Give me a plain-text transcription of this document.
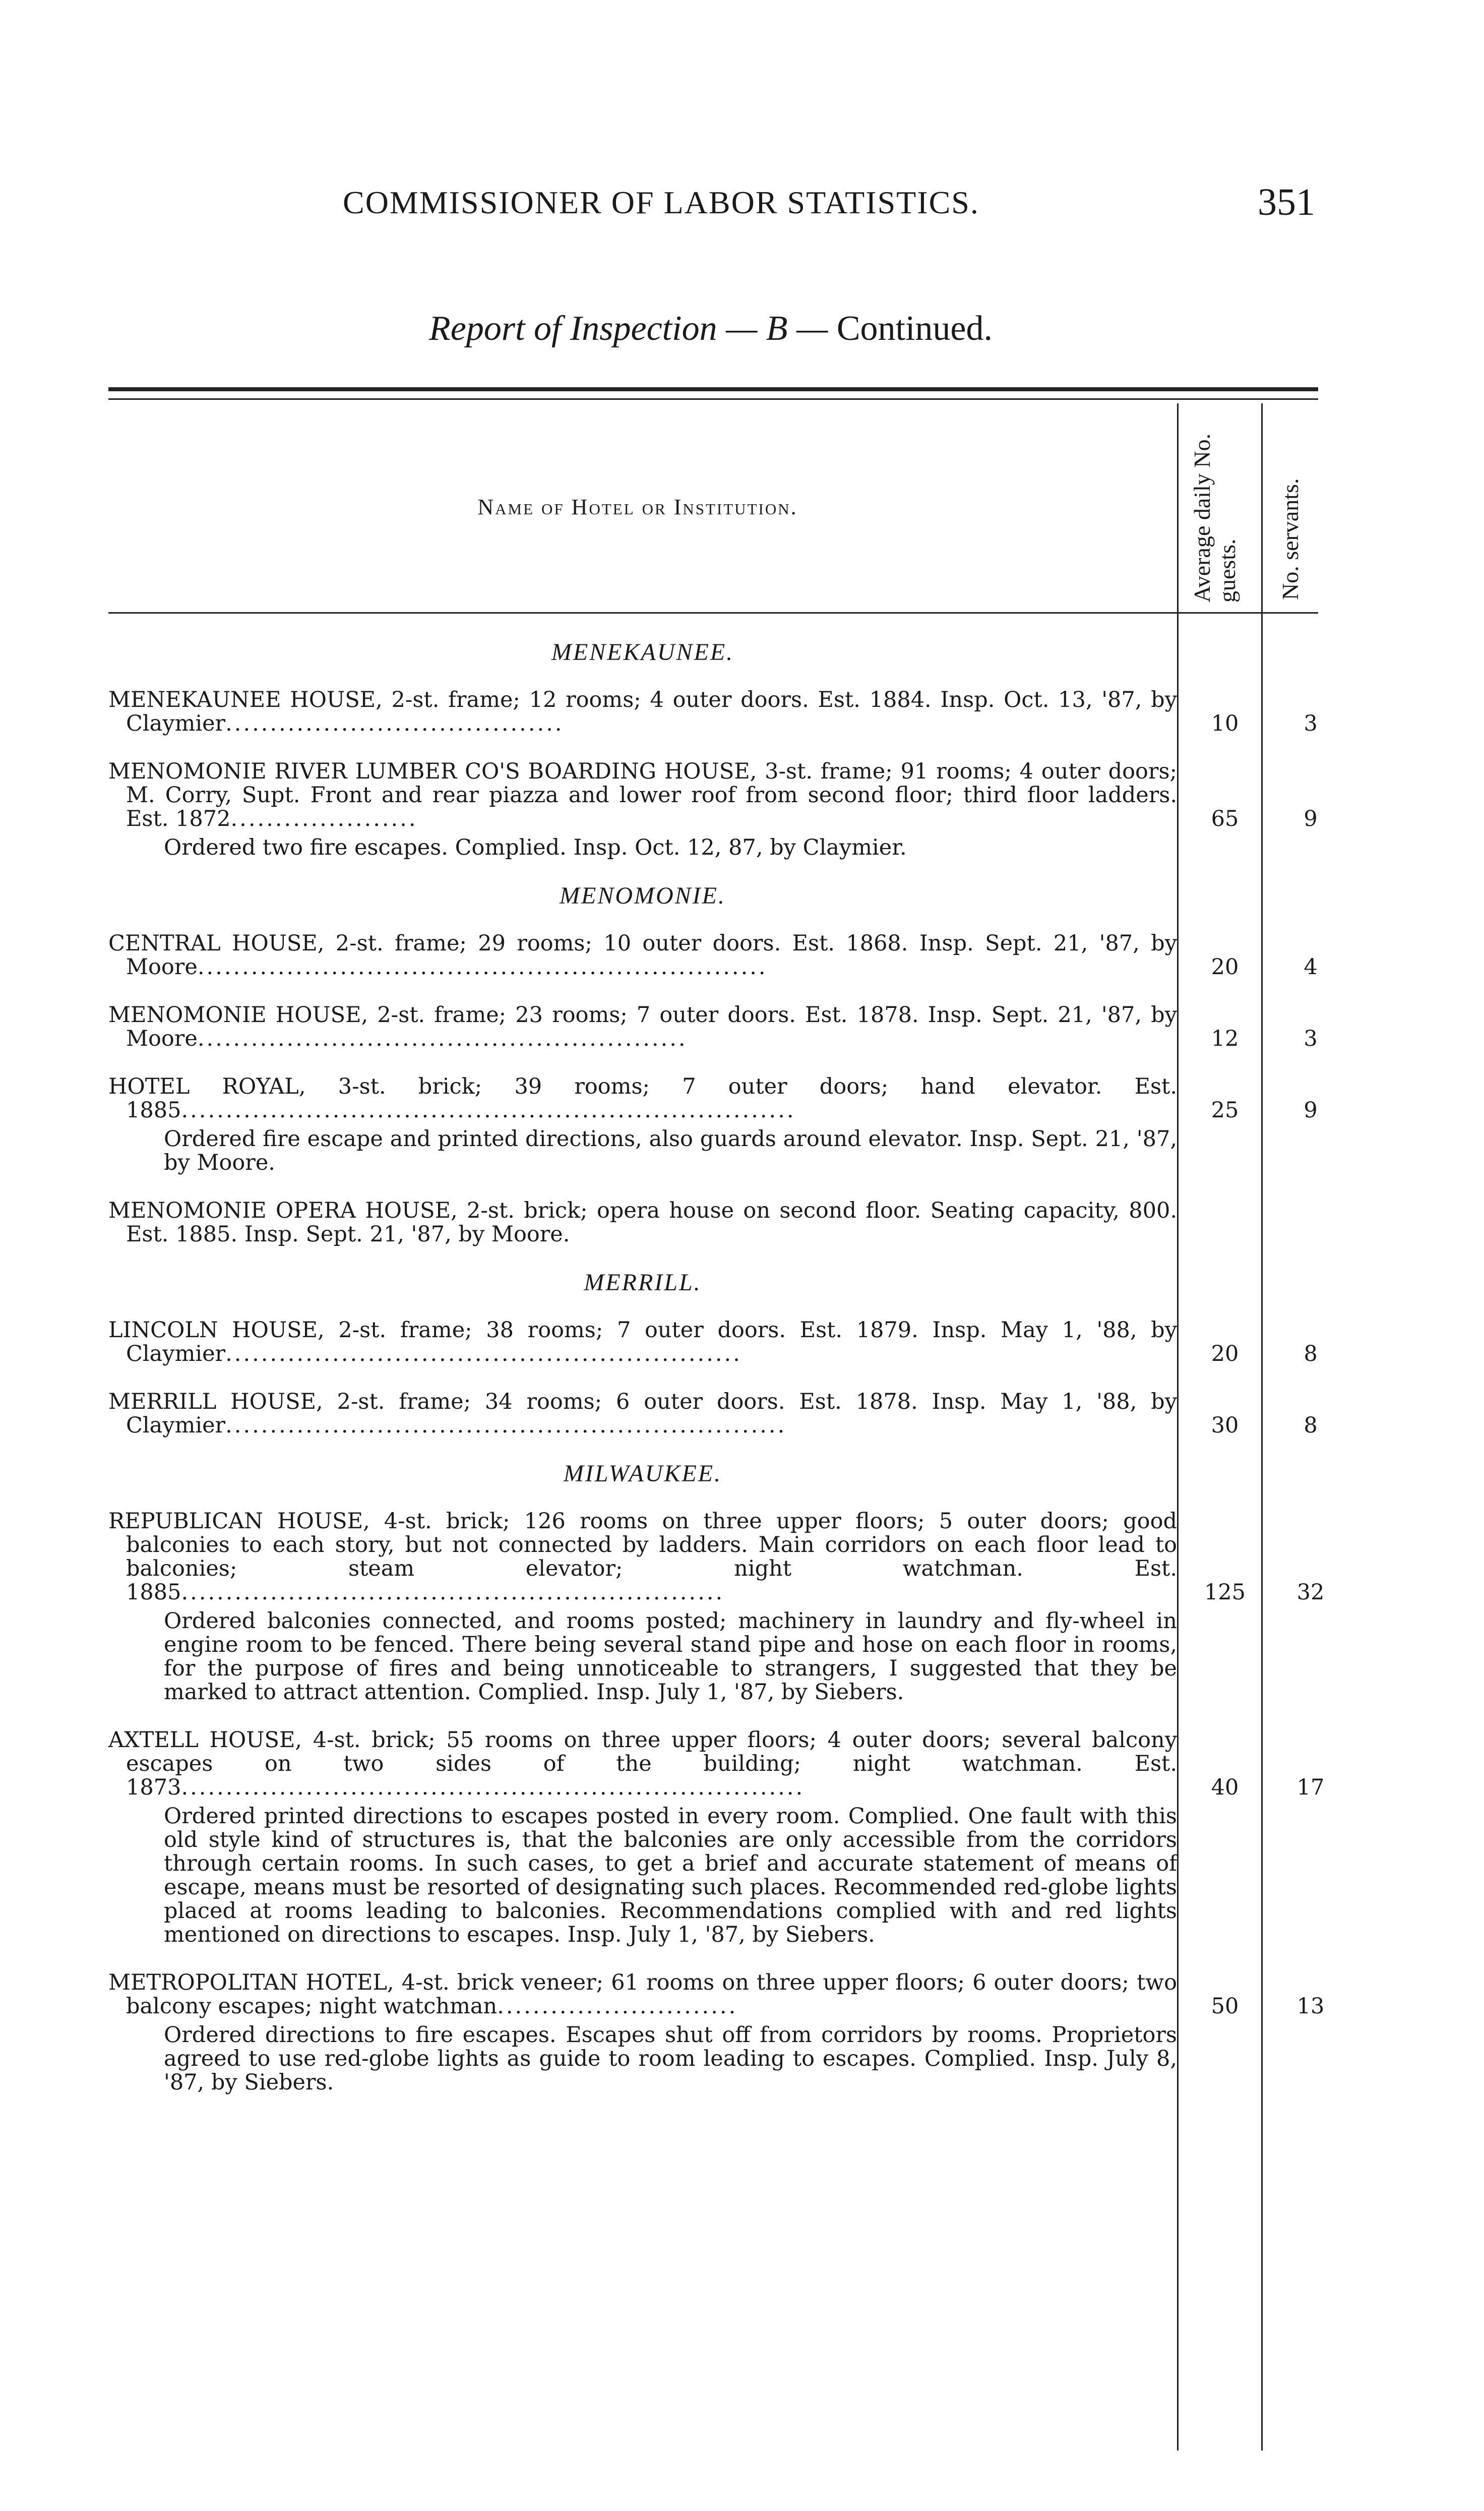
COMMISSIONER OF LABOR STATISTICS.	351
Report of Inspection — B — Continued.
Name of Hotel or Institution.	Average daily No. guests. No. servants.
MENEKAUNEE.
MENEKAUNEE HOUSE, 2-st. frame; 12 rooms; 4 outer doors. Est. 1884. Insp. Oct. 13, '87, by Claymier......................................	10	3
MENOMONIE RIVER LUMBER CO'S BOARDING HOUSE, 3-st. frame; 91 rooms; 4 outer doors; M. Corry, Supt. Front and rear piazza and lower roof from second floor; third floor ladders. Est. 1872.....................	65	9
Ordered two fire escapes. Complied. Insp. Oct. 12, 87, by Claymier.
MENOMONIE.
CENTRAL HOUSE, 2-st. frame; 29 rooms; 10 outer doors. Est. 1868. Insp. Sept. 21, '87, by Moore................................................................	20	4
MENOMONIE HOUSE, 2-st. frame; 23 rooms; 7 outer doors. Est. 1878. Insp. Sept. 21, '87, by Moore.......................................................	12	3
HOTEL ROYAL, 3-st. brick; 39 rooms; 7 outer doors; hand elevator. Est. 1885.....................................................................	25	9
Ordered fire escape and printed directions, also guards around elevator. Insp. Sept. 21, '87, by Moore.
MENOMONIE OPERA HOUSE, 2-st. brick; opera house on second floor. Seating capacity, 800. Est. 1885. Insp. Sept. 21, '87, by Moore.
MERRILL.
LINCOLN HOUSE, 2-st. frame; 38 rooms; 7 outer doors. Est. 1879. Insp. May 1, '88, by Claymier..........................................................	20	8
MERRILL HOUSE, 2-st. frame; 34 rooms; 6 outer doors. Est. 1878. Insp. May 1, '88, by Claymier...............................................................	30	8
MILWAUKEE.
REPUBLICAN HOUSE, 4-st. brick; 126 rooms on three upper floors; 5 outer doors; good balconies to each story, but not connected by ladders. Main corridors on each floor lead to balconies; steam elevator; night watchman. Est. 1885.............................................................	125	32
Ordered balconies connected, and rooms posted; machinery in laundry and fly-wheel in engine room to be fenced. There being several stand pipe and hose on each floor in rooms, for the purpose of fires and being unnoticeable to strangers, I suggested that they be marked to attract attention. Complied. Insp. July 1, '87, by Siebers.
AXTELL HOUSE, 4-st. brick; 55 rooms on three upper floors; 4 outer doors; several balcony escapes on two sides of the building; night watchman. Est. 1873......................................................................	40	17
Ordered printed directions to escapes posted in every room. Complied. One fault with this old style kind of structures is, that the balconies are only accessible from the corridors through certain rooms. In such cases, to get a brief and accurate statement of means of escape, means must be resorted of designating such places. Recommended red-globe lights placed at rooms leading to balconies. Recommendations complied with and red lights mentioned on directions to escapes. Insp. July 1, '87, by Siebers.
METROPOLITAN HOTEL, 4-st. brick veneer; 61 rooms on three upper floors; 6 outer doors; two balcony escapes; night watchman...........................	50	13
Ordered directions to fire escapes. Escapes shut off from corridors by rooms. Proprietors agreed to use red-globe lights as guide to room leading to escapes. Complied. Insp. July 8, '87, by Siebers.
